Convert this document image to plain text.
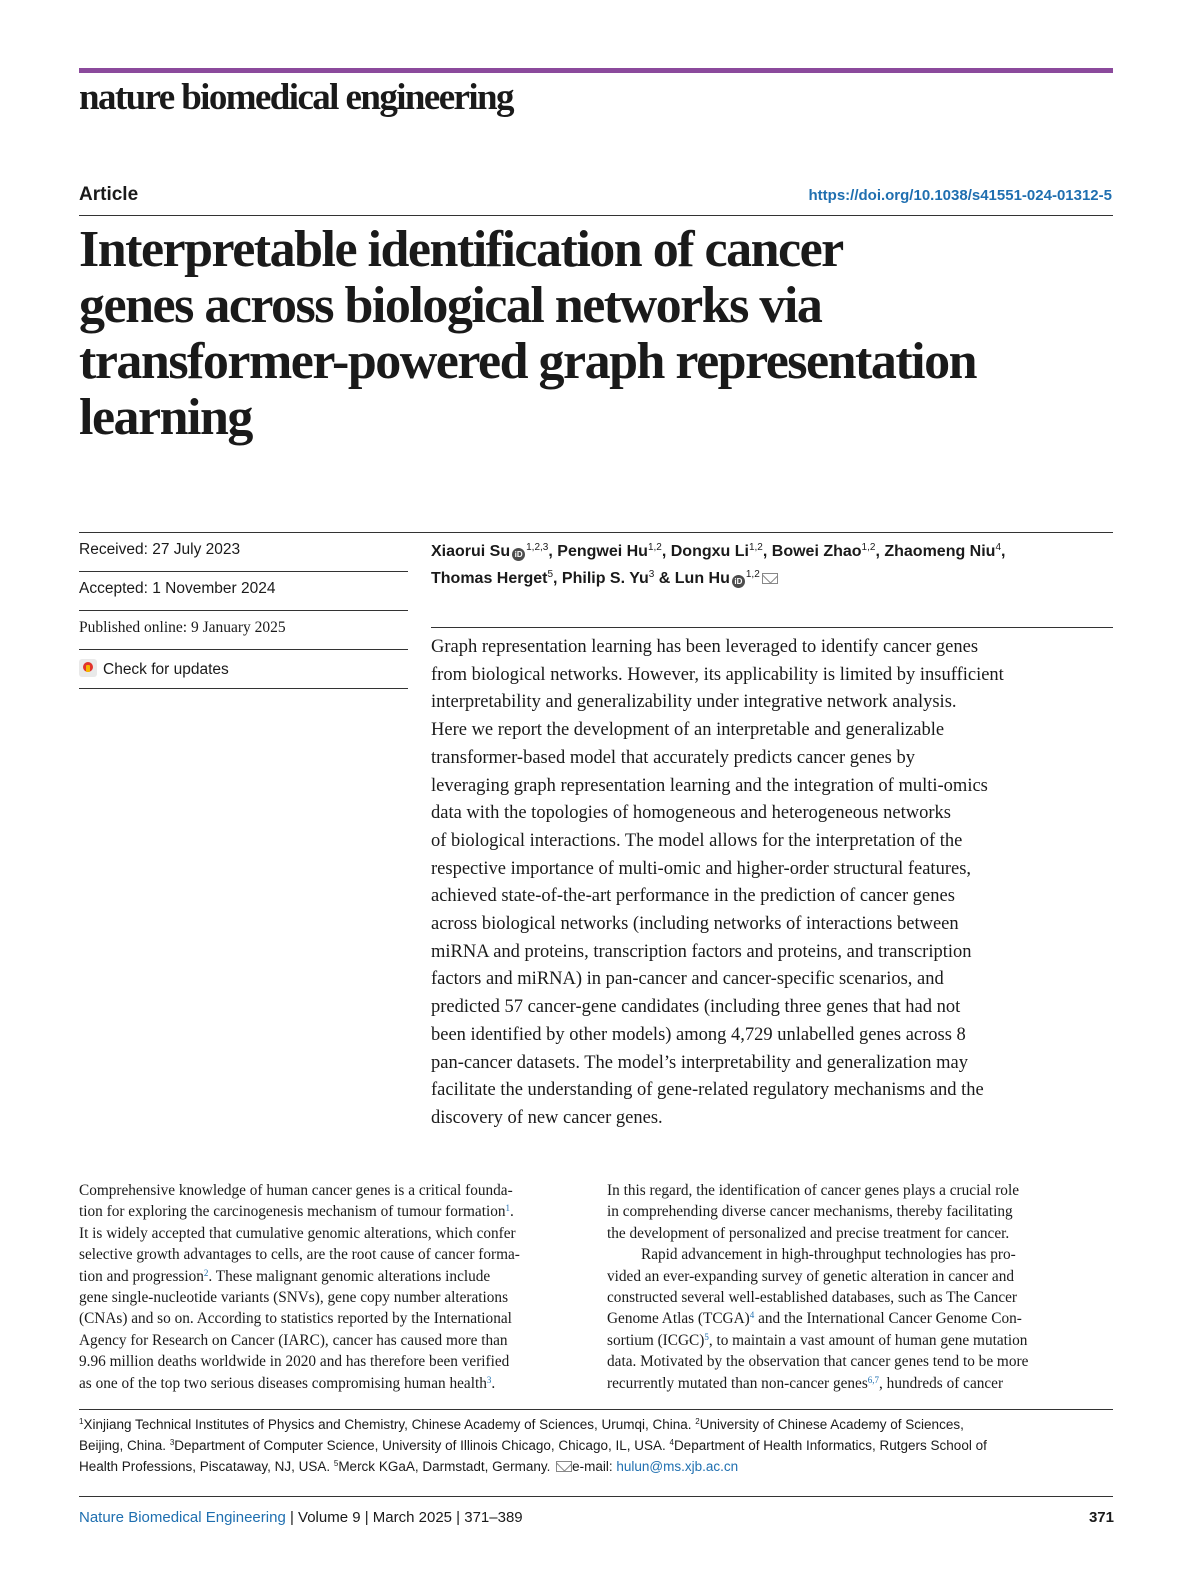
nature biomedical engineering
Article	https://doi.org/10.1038/s41551-024-01312-5
Interpretable identification of cancer
genes across biological networks via
transformer-powered graph representation
learning
Received: 27 July 2023
Accepted: 1 November 2024
Published online: 9 January 2025
Check for updates
Xiaorui Su iD$^{1,2,3}$, Pengwei Hu$^{1,2}$, Dongxu Li$^{1,2}$, Bowei Zhao$^{1,2}$, Zhaomeng Niu$^4$,
Thomas Herget$^5$, Philip S. Yu$^3$ & Lun Hu iD$^{1,2}$
Graph representation learning has been leveraged to identify cancer genes
from biological networks. However, its applicability is limited by insufficient
interpretability and generalizability under integrative network analysis.
Here we report the development of an interpretable and generalizable
transformer-based model that accurately predicts cancer genes by
leveraging graph representation learning and the integration of multi-omics
data with the topologies of homogeneous and heterogeneous networks
of biological interactions. The model allows for the interpretation of the
respective importance of multi-omic and higher-order structural features,
achieved state-of-the-art performance in the prediction of cancer genes
across biological networks (including networks of interactions between
miRNA and proteins, transcription factors and proteins, and transcription
factors and miRNA) in pan-cancer and cancer-specific scenarios, and
predicted 57 cancer-gene candidates (including three genes that had not
been identified by other models) among 4,729 unlabelled genes across 8
pan-cancer datasets. The model’s interpretability and generalization may
facilitate the understanding of gene-related regulatory mechanisms and the
discovery of new cancer genes.
Comprehensive knowledge of human cancer genes is a critical founda-
tion for exploring the carcinogenesis mechanism of tumour formation$^1$.
It is widely accepted that cumulative genomic alterations, which confer
selective growth advantages to cells, are the root cause of cancer forma-
tion and progression$^2$. These malignant genomic alterations include
gene single-nucleotide variants (SNVs), gene copy number alterations
(CNAs) and so on. According to statistics reported by the International
Agency for Research on Cancer (IARC), cancer has caused more than
9.96 million deaths worldwide in 2020 and has therefore been verified
as one of the top two serious diseases compromising human health$^3$.
In this regard, the identification of cancer genes plays a crucial role
in comprehending diverse cancer mechanisms, thereby facilitating
the development of personalized and precise treatment for cancer.
Rapid advancement in high-throughput technologies has pro-
vided an ever-expanding survey of genetic alteration in cancer and
constructed several well-established databases, such as The Cancer
Genome Atlas (TCGA)$^4$ and the International Cancer Genome Con-
sortium (ICGC)$^5$, to maintain a vast amount of human gene mutation
data. Motivated by the observation that cancer genes tend to be more
recurrently mutated than non-cancer genes$^{6,7}$, hundreds of cancer
$^1$Xinjiang Technical Institutes of Physics and Chemistry, Chinese Academy of Sciences, Urumqi, China. $^2$University of Chinese Academy of Sciences,
Beijing, China. $^3$Department of Computer Science, University of Illinois Chicago, Chicago, IL, USA. $^4$Department of Health Informatics, Rutgers School of
Health Professions, Piscataway, NJ, USA. $^5$Merck KGaA, Darmstadt, Germany. e-mail: hulun@ms.xjb.ac.cn
Nature Biomedical Engineering | Volume 9 | March 2025 | 371–389	371
